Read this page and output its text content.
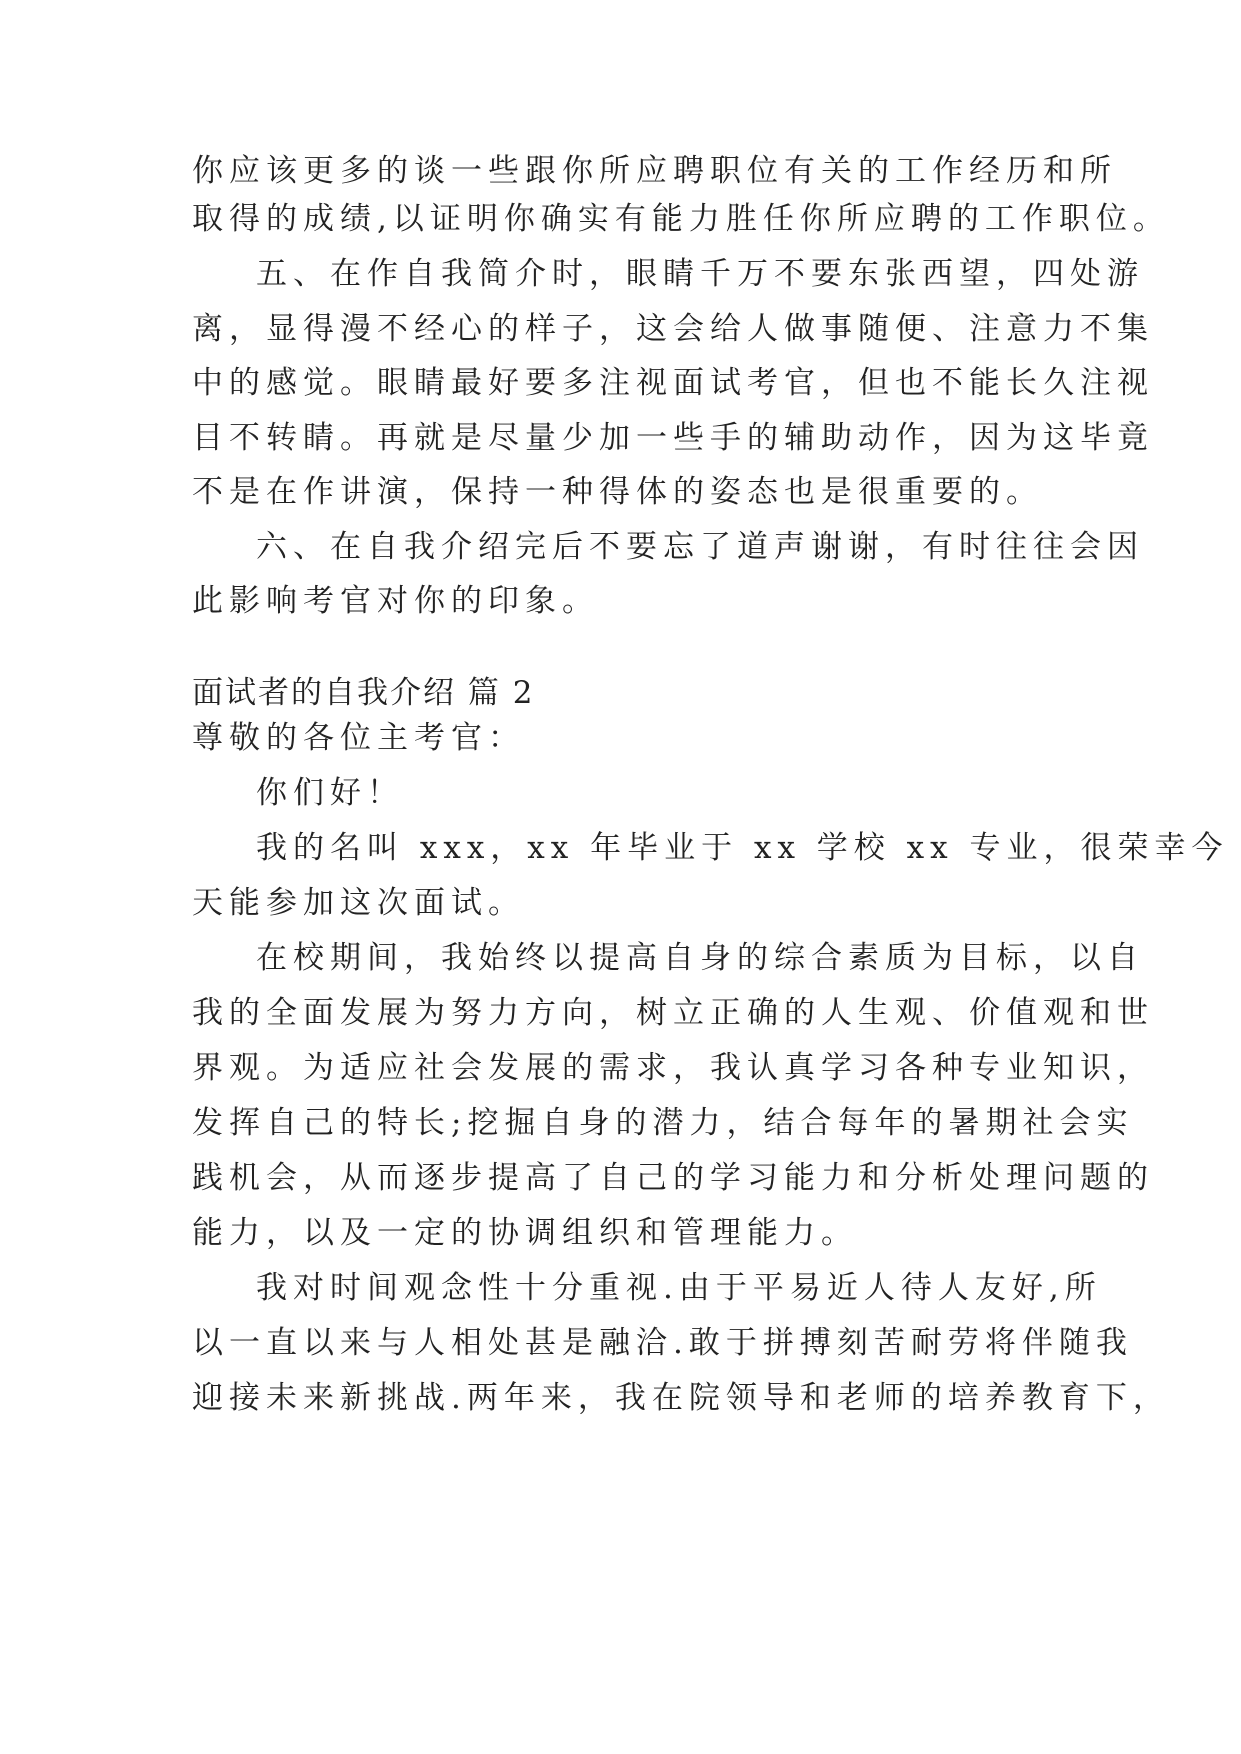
你应该更多的谈一些跟你所应聘职位有关的工作经历和所

取得的成绩,以证明你确实有能力胜任你所应聘的工作职位。

五、在作自我简介时，眼睛千万不要东张西望，四处游

离，显得漫不经心的样子，这会给人做事随便、注意力不集

中的感觉。眼睛最好要多注视面试考官，但也不能长久注视

目不转睛。再就是尽量少加一些手的辅助动作，因为这毕竟

不是在作讲演，保持一种得体的姿态也是很重要的。

六、在自我介绍完后不要忘了道声谢谢，有时往往会因

此影响考官对你的印象。

面试者的自我介绍 篇 2

尊敬的各位主考官：

你们好！

我的名叫 xxx，xx 年毕业于 xx 学校 xx 专业，很荣幸今

天能参加这次面试。

在校期间，我始终以提高自身的综合素质为目标，以自

我的全面发展为努力方向，树立正确的人生观、价值观和世

界观。为适应社会发展的需求，我认真学习各种专业知识，

发挥自己的特长;挖掘自身的潜力，结合每年的暑期社会实

践机会，从而逐步提高了自己的学习能力和分析处理问题的

能力，以及一定的协调组织和管理能力。

我对时间观念性十分重视.由于平易近人待人友好,所

以一直以来与人相处甚是融洽.敢于拼搏刻苦耐劳将伴随我

迎接未来新挑战.两年来，我在院领导和老师的培养教育下，
